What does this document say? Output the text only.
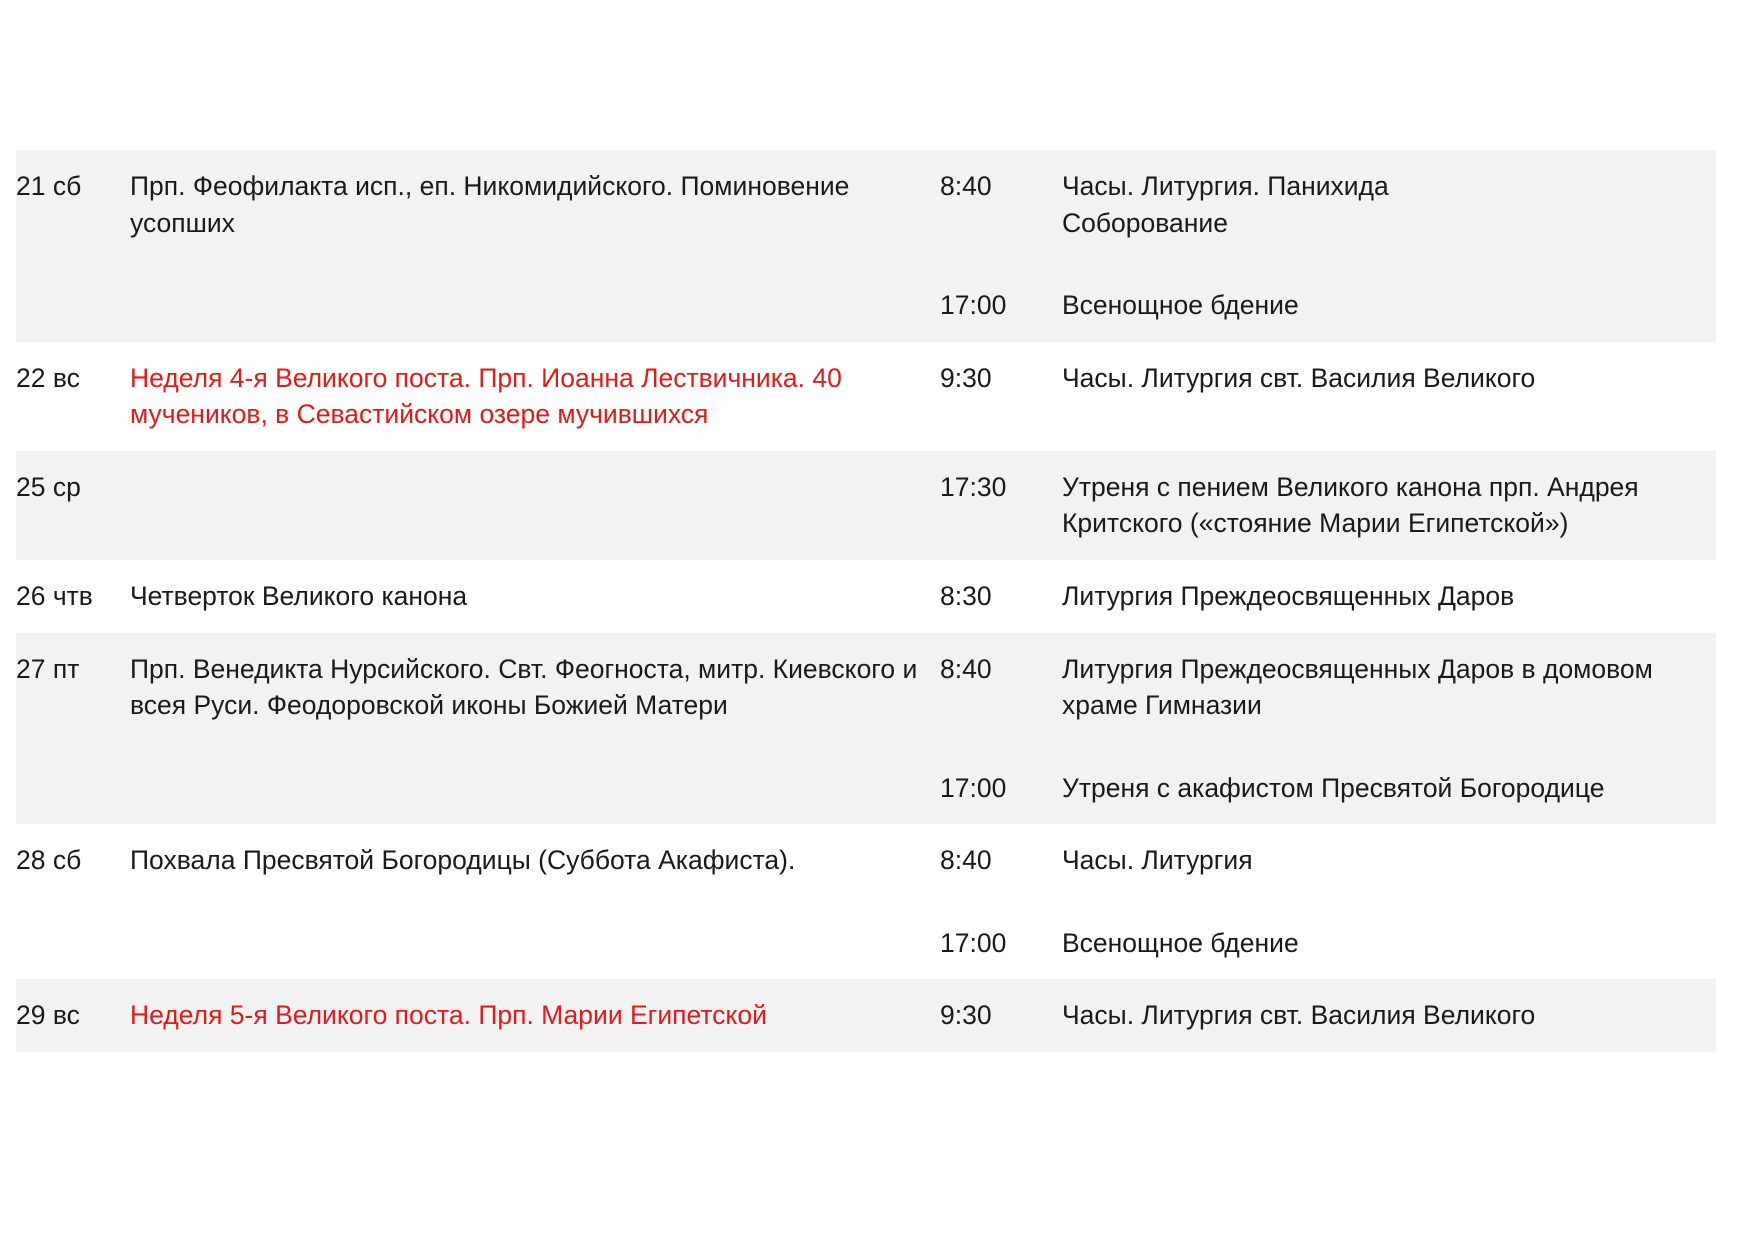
21 сб	Прп. Феофилакта исп., еп. Никомидийского. Поминовение усопших	8:40 Часы. Литургия. Панихида
Соборование
17:00 Всенощное бдение

22 вс	Неделя 4-я Великого поста. Прп. Иоанна Лествичника. 40 мучеников, в Севастийском озере мучившихся	9:30 Часы. Литургия свт. Василия Великого

25 ср		17:30 Утреня с пением Великого канона прп. Андрея Критского («стояние Марии Египетской»)

26 чтв	Четверток Великого канона	8:30 Литургия Преждеосвященных Даров

27 пт	Прп. Венедикта Нурсийского. Свт. Феогноста, митр. Киевского и всея Руси. Феодоровской иконы Божией Матери	8:40 Литургия Преждеосвященных Даров в домовом храме Гимназии
17:00 Утреня с акафистом Пресвятой Богородице

28 сб	Похвала Пресвятой Богородицы (Суббота Акафиста).	8:40 Часы. Литургия
17:00 Всенощное бдение

29 вс	Неделя 5-я Великого поста. Прп. Марии Египетской	9:30 Часы. Литургия свт. Василия Великого
